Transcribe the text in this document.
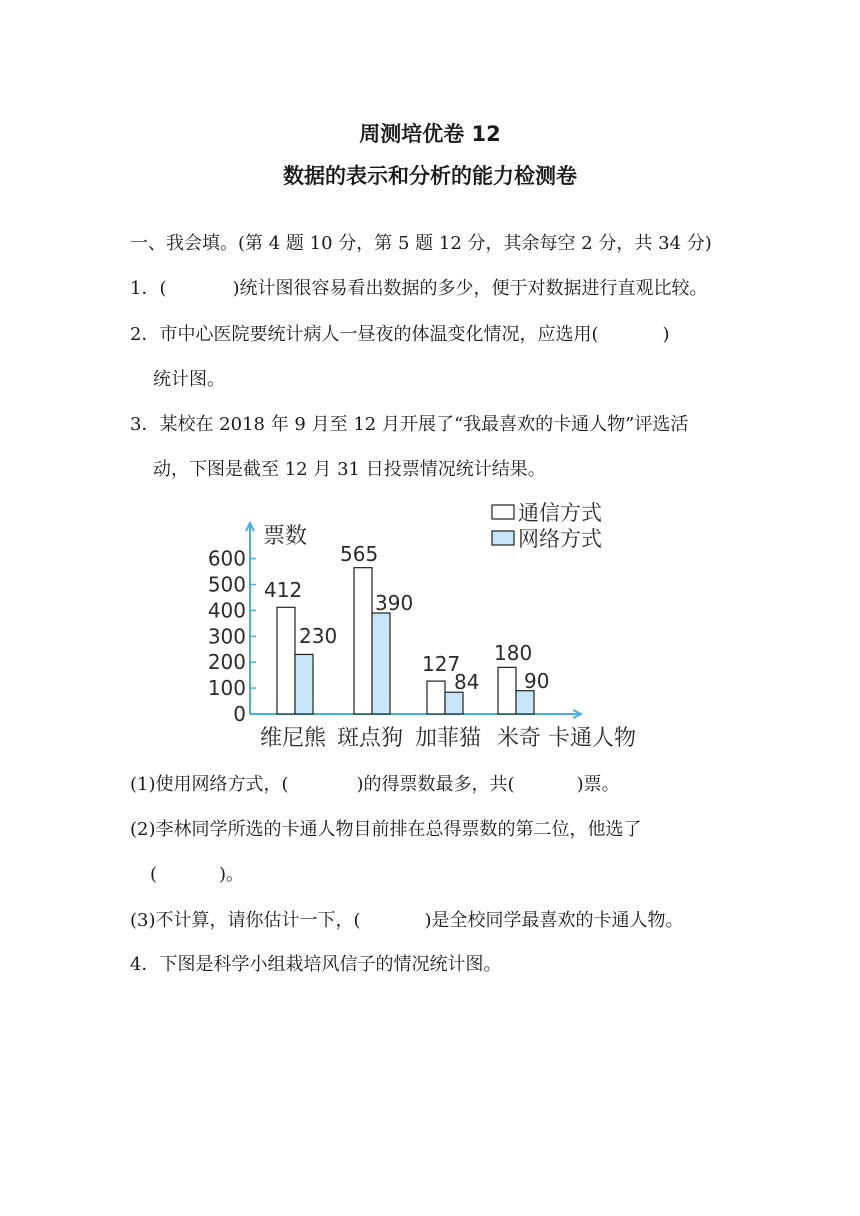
周测培优卷 12
数据的表示和分析的能力检测卷
一、我会填。(第 4 题 10 分，第 5 题 12 分，其余每空 2 分，共 34 分)
1．(	)统计图很容易看出数据的多少，便于对数据进行直观比较。
2．市中心医院要统计病人一昼夜的体温变化情况，应选用(	)
统计图。
3．某校在 2018 年 9 月至 12 月开展了“我最喜欢的卡通人物”评选活
动，下图是截至 12 月 31 日投票情况统计结果。
0
100
200
300
400
500
600
票数
412
565
127 180
230
390
84 90
维尼熊 斑点狗 加菲猫 米奇 卡通人物
通信方式
网络方式
(1)使用网络方式，(	)的得票数最多，共(	)票。
(2)李林同学所选的卡通人物目前排在总得票数的第二位，他选了
(	)。
(3)不计算，请你估计一下，(	)是全校同学最喜欢的卡通人物。
4．下图是科学小组栽培风信子的情况统计图。
